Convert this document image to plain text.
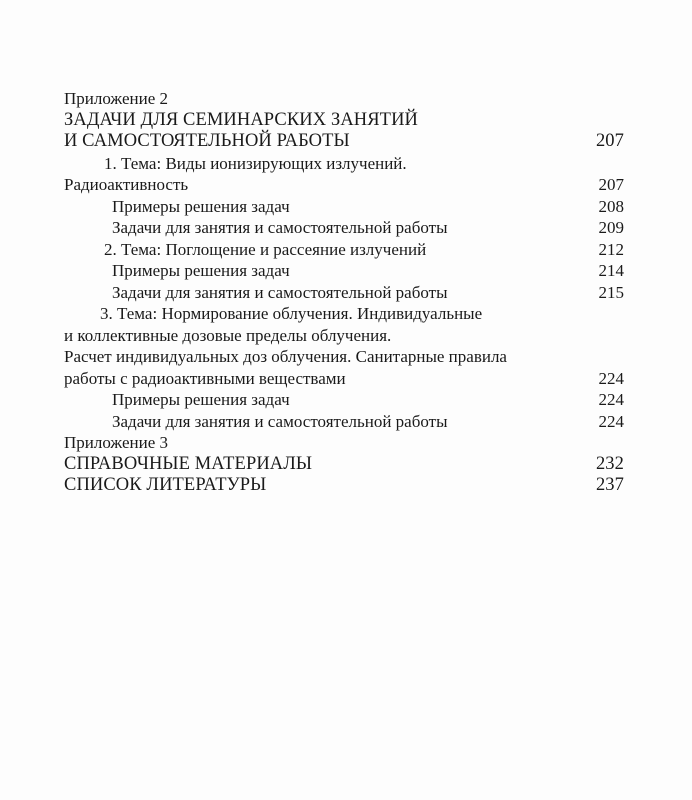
Приложение 2
ЗАДАЧИ ДЛЯ СЕМИНАРСКИХ ЗАНЯТИЙ
И САМОСТОЯТЕЛЬНОЙ РАБОТЫ	207
1. Тема: Виды ионизирующих излучений.
Радиоактивность	207
Примеры решения задач	208
Задачи для занятия и самостоятельной работы	209
2. Тема: Поглощение и рассеяние излучений	212
Примеры решения задач	214
Задачи для занятия и самостоятельной работы	215
3. Тема: Нормирование облучения. Индивидуальные
и коллективные дозовые пределы облучения.
Расчет индивидуальных доз облучения. Санитарные правила
работы с радиоактивными веществами	224
Примеры решения задач	224
Задачи для занятия и самостоятельной работы	224
Приложение 3
СПРАВОЧНЫЕ МАТЕРИАЛЫ	232
СПИСОК ЛИТЕРАТУРЫ	237
